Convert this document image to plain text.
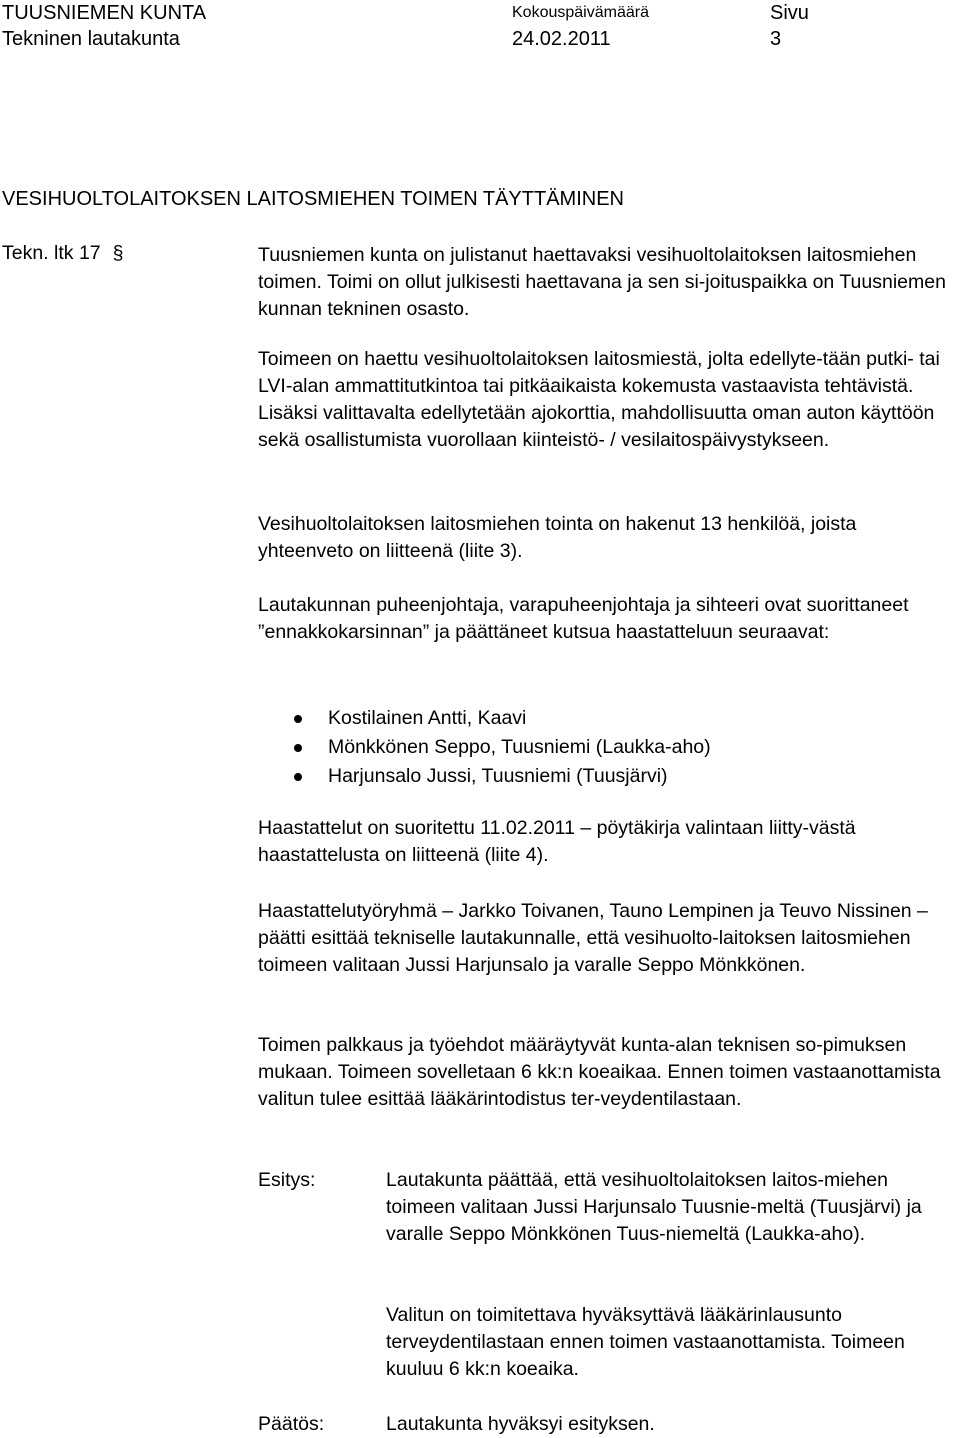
TUUSNIEMEN KUNTA
Tekninen lautakunta
Kokouspäivämäärä
24.02.2011
Sivu
3
VESIHUOLTOLAITOKSEN LAITOSMIEHEN TOIMEN TÄYTTÄMINEN
Tekn. ltk 17 §	Tuusniemen kunta on julistanut haettavaksi vesihuoltolaitoksen laitosmiehen toimen. Toimi on ollut julkisesti haettavana ja sen si-joituspaikka on Tuusniemen kunnan tekninen osasto.

Toimeen on haettu vesihuoltolaitoksen laitosmiestä, jolta edellyte-tään putki- tai LVI-alan ammattitutkintoa tai pitkäaikaista kokemusta vastaavista tehtävistä. Lisäksi valittavalta edellytetään ajokorttia, mahdollisuutta oman auton käyttöön sekä osallistumista vuorollaan kiinteistö- / vesilaitospäivystykseen.

Vesihuoltolaitoksen laitosmiehen tointa on hakenut 13 henkilöä, joista yhteenveto on liitteenä (liite 3).

Lautakunnan puheenjohtaja, varapuheenjohtaja ja sihteeri ovat suorittaneet ”ennakkokarsinnan” ja päättäneet kutsua haastatteluun seuraavat:

Kostilainen Antti, Kaavi
Mönkkönen Seppo, Tuusniemi (Laukka-aho)
Harjunsalo Jussi, Tuusniemi (Tuusjärvi)

Haastattelut on suoritettu 11.02.2011 – pöytäkirja valintaan liitty-västä haastattelusta on liitteenä (liite 4).

Haastattelutyöryhmä – Jarkko Toivanen, Tauno Lempinen ja Teuvo Nissinen – päätti esittää tekniselle lautakunnalle, että vesihuolto-laitoksen laitosmiehen toimeen valitaan Jussi Harjunsalo ja varalle Seppo Mönkkönen.

Toimen palkkaus ja työehdot määräytyvät kunta-alan teknisen so-pimuksen mukaan. Toimeen sovelletaan 6 kk:n koeaikaa. Ennen toimen vastaanottamista valitun tulee esittää lääkärintodistus ter-veydentilastaan.

Esitys:	Lautakunta päättää, että vesihuoltolaitoksen laitos-miehen toimeen valitaan Jussi Harjunsalo Tuusnie-meltä (Tuusjärvi) ja varalle Seppo Mönkkönen Tuus-niemeltä (Laukka-aho).

Valitun on toimitettava hyväksyttävä lääkärinlausunto terveydentilastaan ennen toimen vastaanottamista. Toimeen kuuluu 6 kk:n koeaika.

Päätös:	Lautakunta hyväksyi esityksen.
